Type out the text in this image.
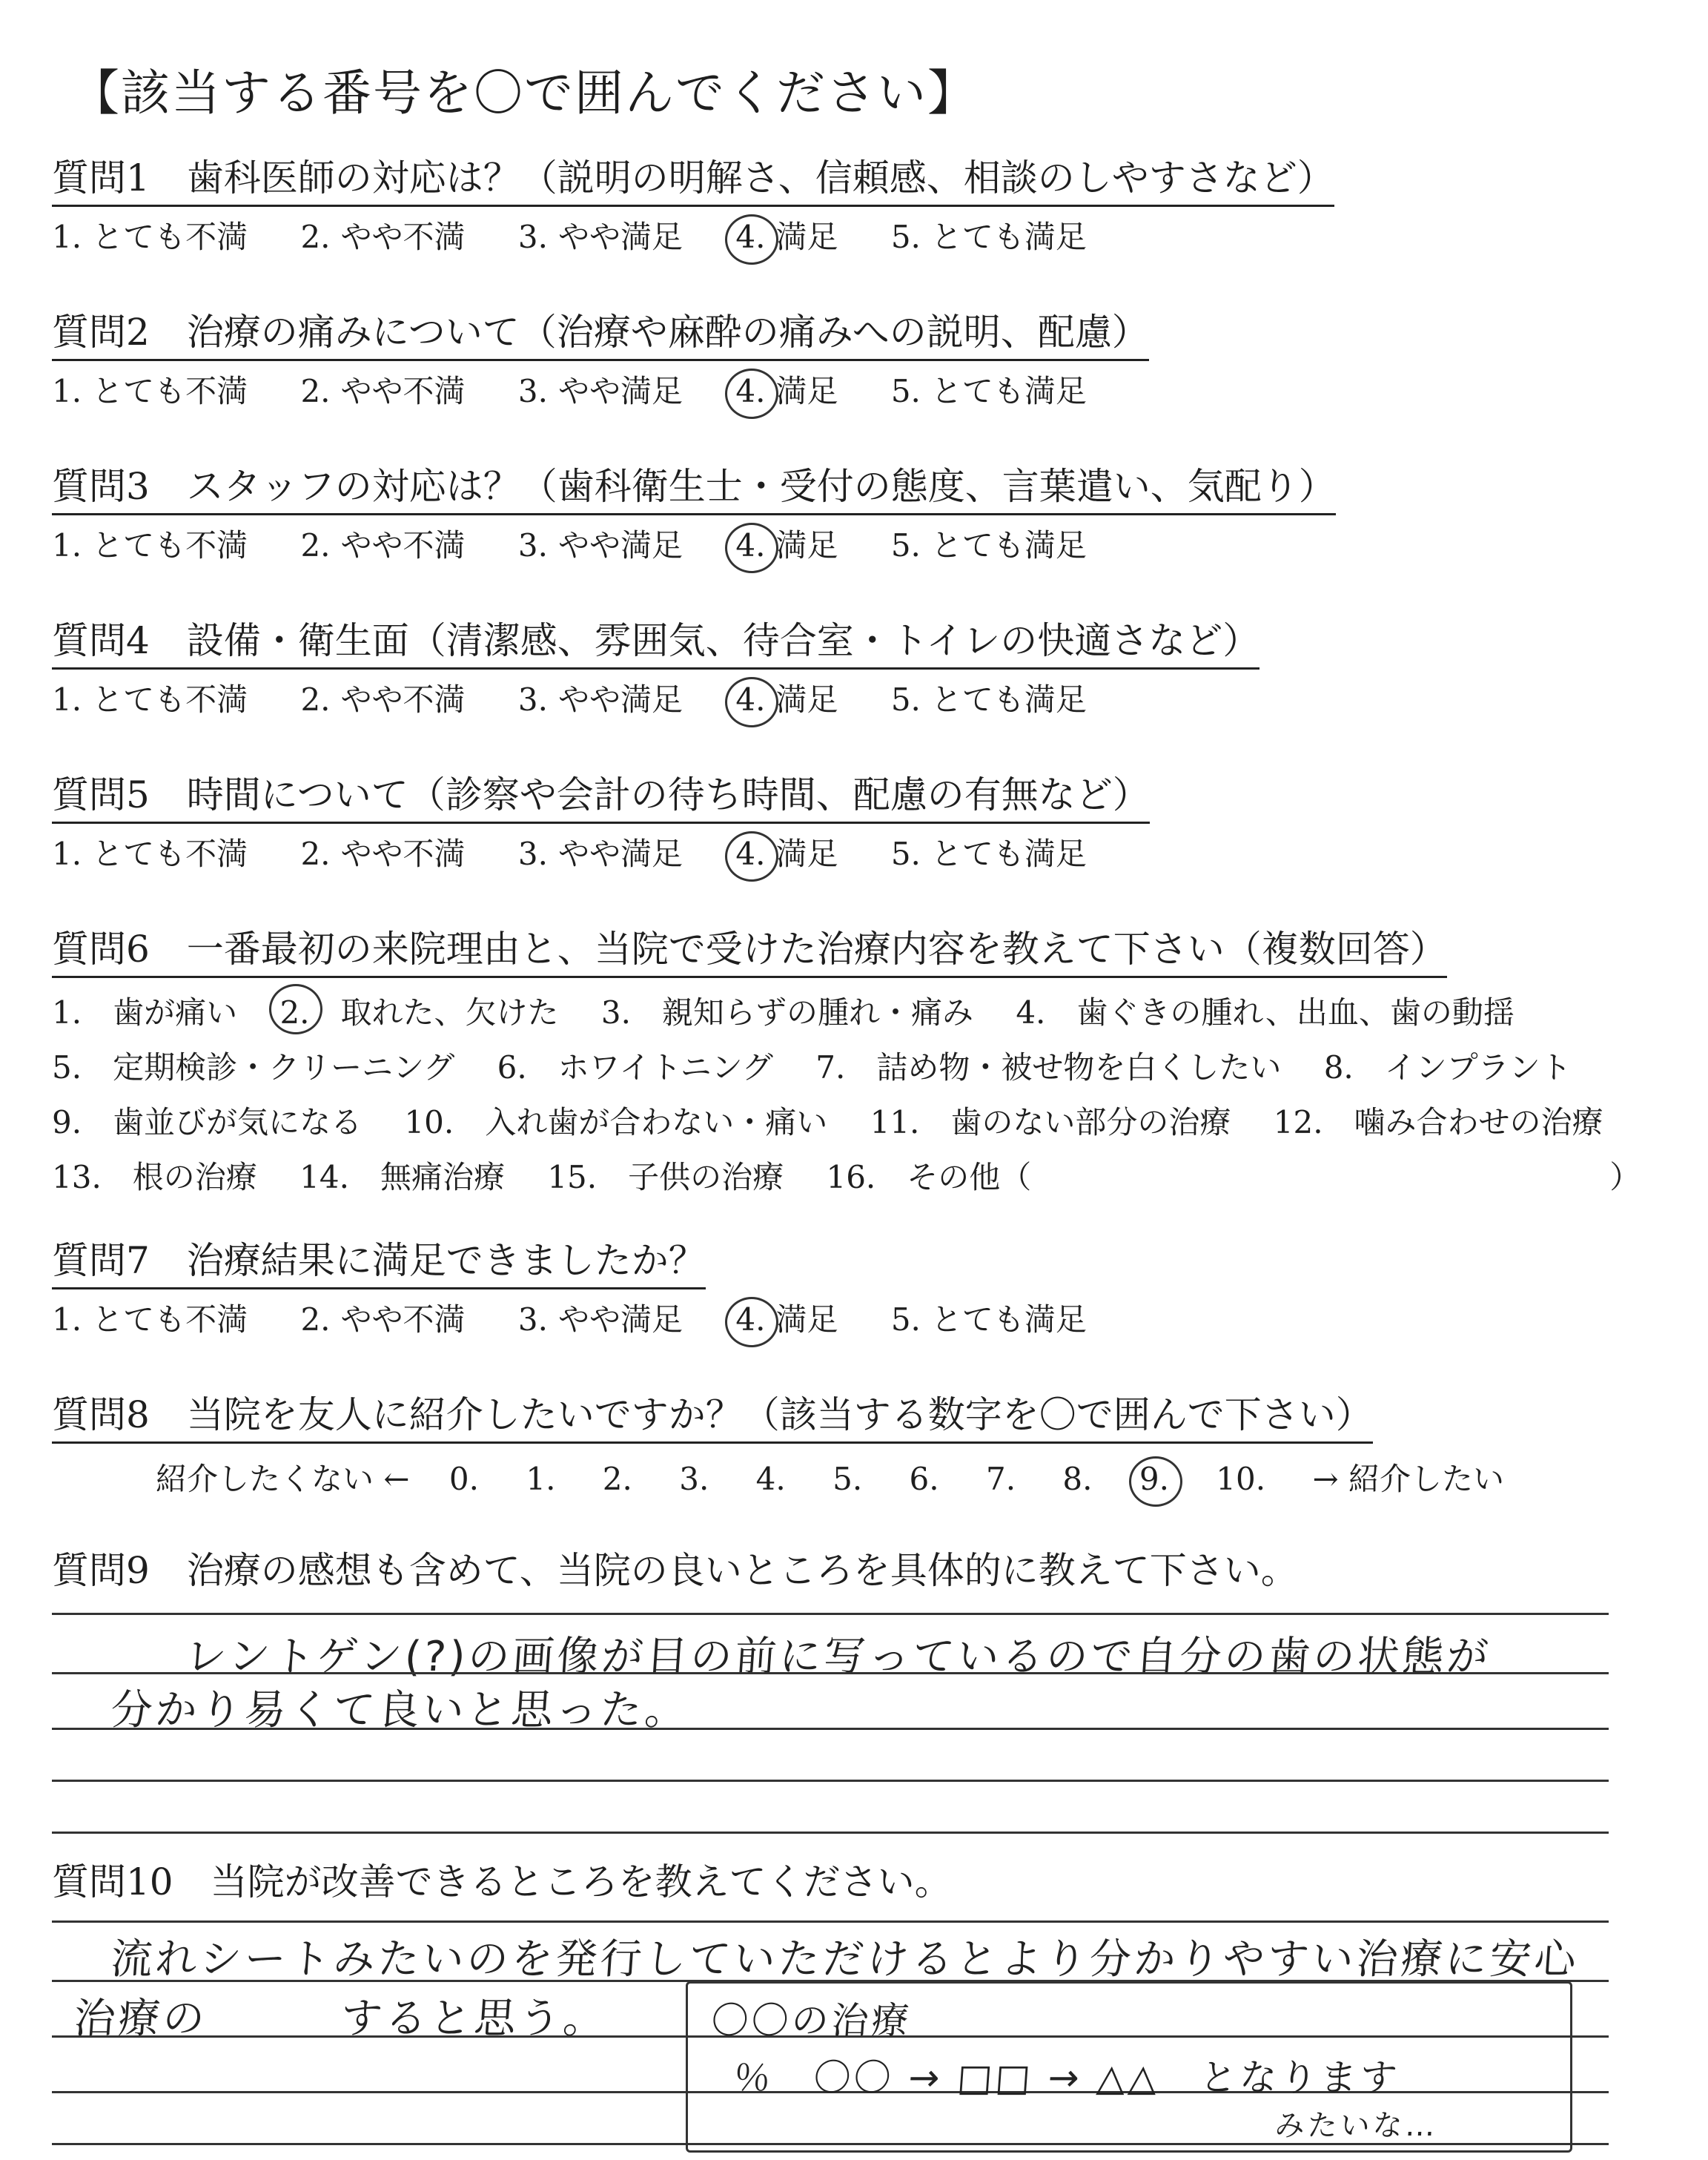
【該当する番号を〇で囲んでください】
質問1　歯科医師の対応は？（説明の明解さ、信頼感、相談のしやすさなど）
1. とても不満 2. やや不満 3. やや満足 4. 満足 5. とても満足
質問2　治療の痛みについて（治療や麻酔の痛みへの説明、配慮）
1. とても不満 2. やや不満 3. やや満足 4. 満足 5. とても満足
質問3　スタッフの対応は？（歯科衛生士・受付の態度、言葉遣い、気配り）
1. とても不満 2. やや不満 3. やや満足 4. 満足 5. とても満足
質問4　設備・衛生面（清潔感、雰囲気、待合室・トイレの快適さなど）
1. とても不満 2. やや不満 3. やや満足 4. 満足 5. とても満足
質問5　時間について（診察や会計の待ち時間、配慮の有無など）
1. とても不満 2. やや不満 3. やや満足 4. 満足 5. とても満足
質問6　一番最初の来院理由と、当院で受けた治療内容を教えて下さい（複数回答）
1.　歯が痛い 2.　取れた、欠けた 3.　親知らずの腫れ・痛み 4.　歯ぐきの腫れ、出血、歯の動揺
5.　定期検診・クリーニング 6.　ホワイトニング 7.　詰め物・被せ物を白くしたい 8.　インプラント
9.　歯並びが気になる 10.　入れ歯が合わない・痛い 11.　歯のない部分の治療 12.　噛み合わせの治療
13.　根の治療 14.　無痛治療 15.　子供の治療 16.　その他（	）
質問7　治療結果に満足できましたか？
1. とても不満 2. やや不満 3. やや満足 4. 満足 5. とても満足
質問8　当院を友人に紹介したいですか？（該当する数字を〇で囲んで下さい）
紹介したくない ← 0. 1. 2. 3. 4. 5. 6. 7. 8. 9. 10. → 紹介したい
質問9　治療の感想も含めて、当院の良いところを具体的に教えて下さい。
レントゲン(?)の画像が目の前に写っているので自分の歯の状態が
分かり易くて良いと思った。
質問10　当院が改善できるところを教えてください。
流れシートみたいのを発行していただけるとより分かりやすい治療に安心
治療の　　　すると思う。	〇〇の治療
％　〇〇 → □□ → △△　となります
みたいな…
